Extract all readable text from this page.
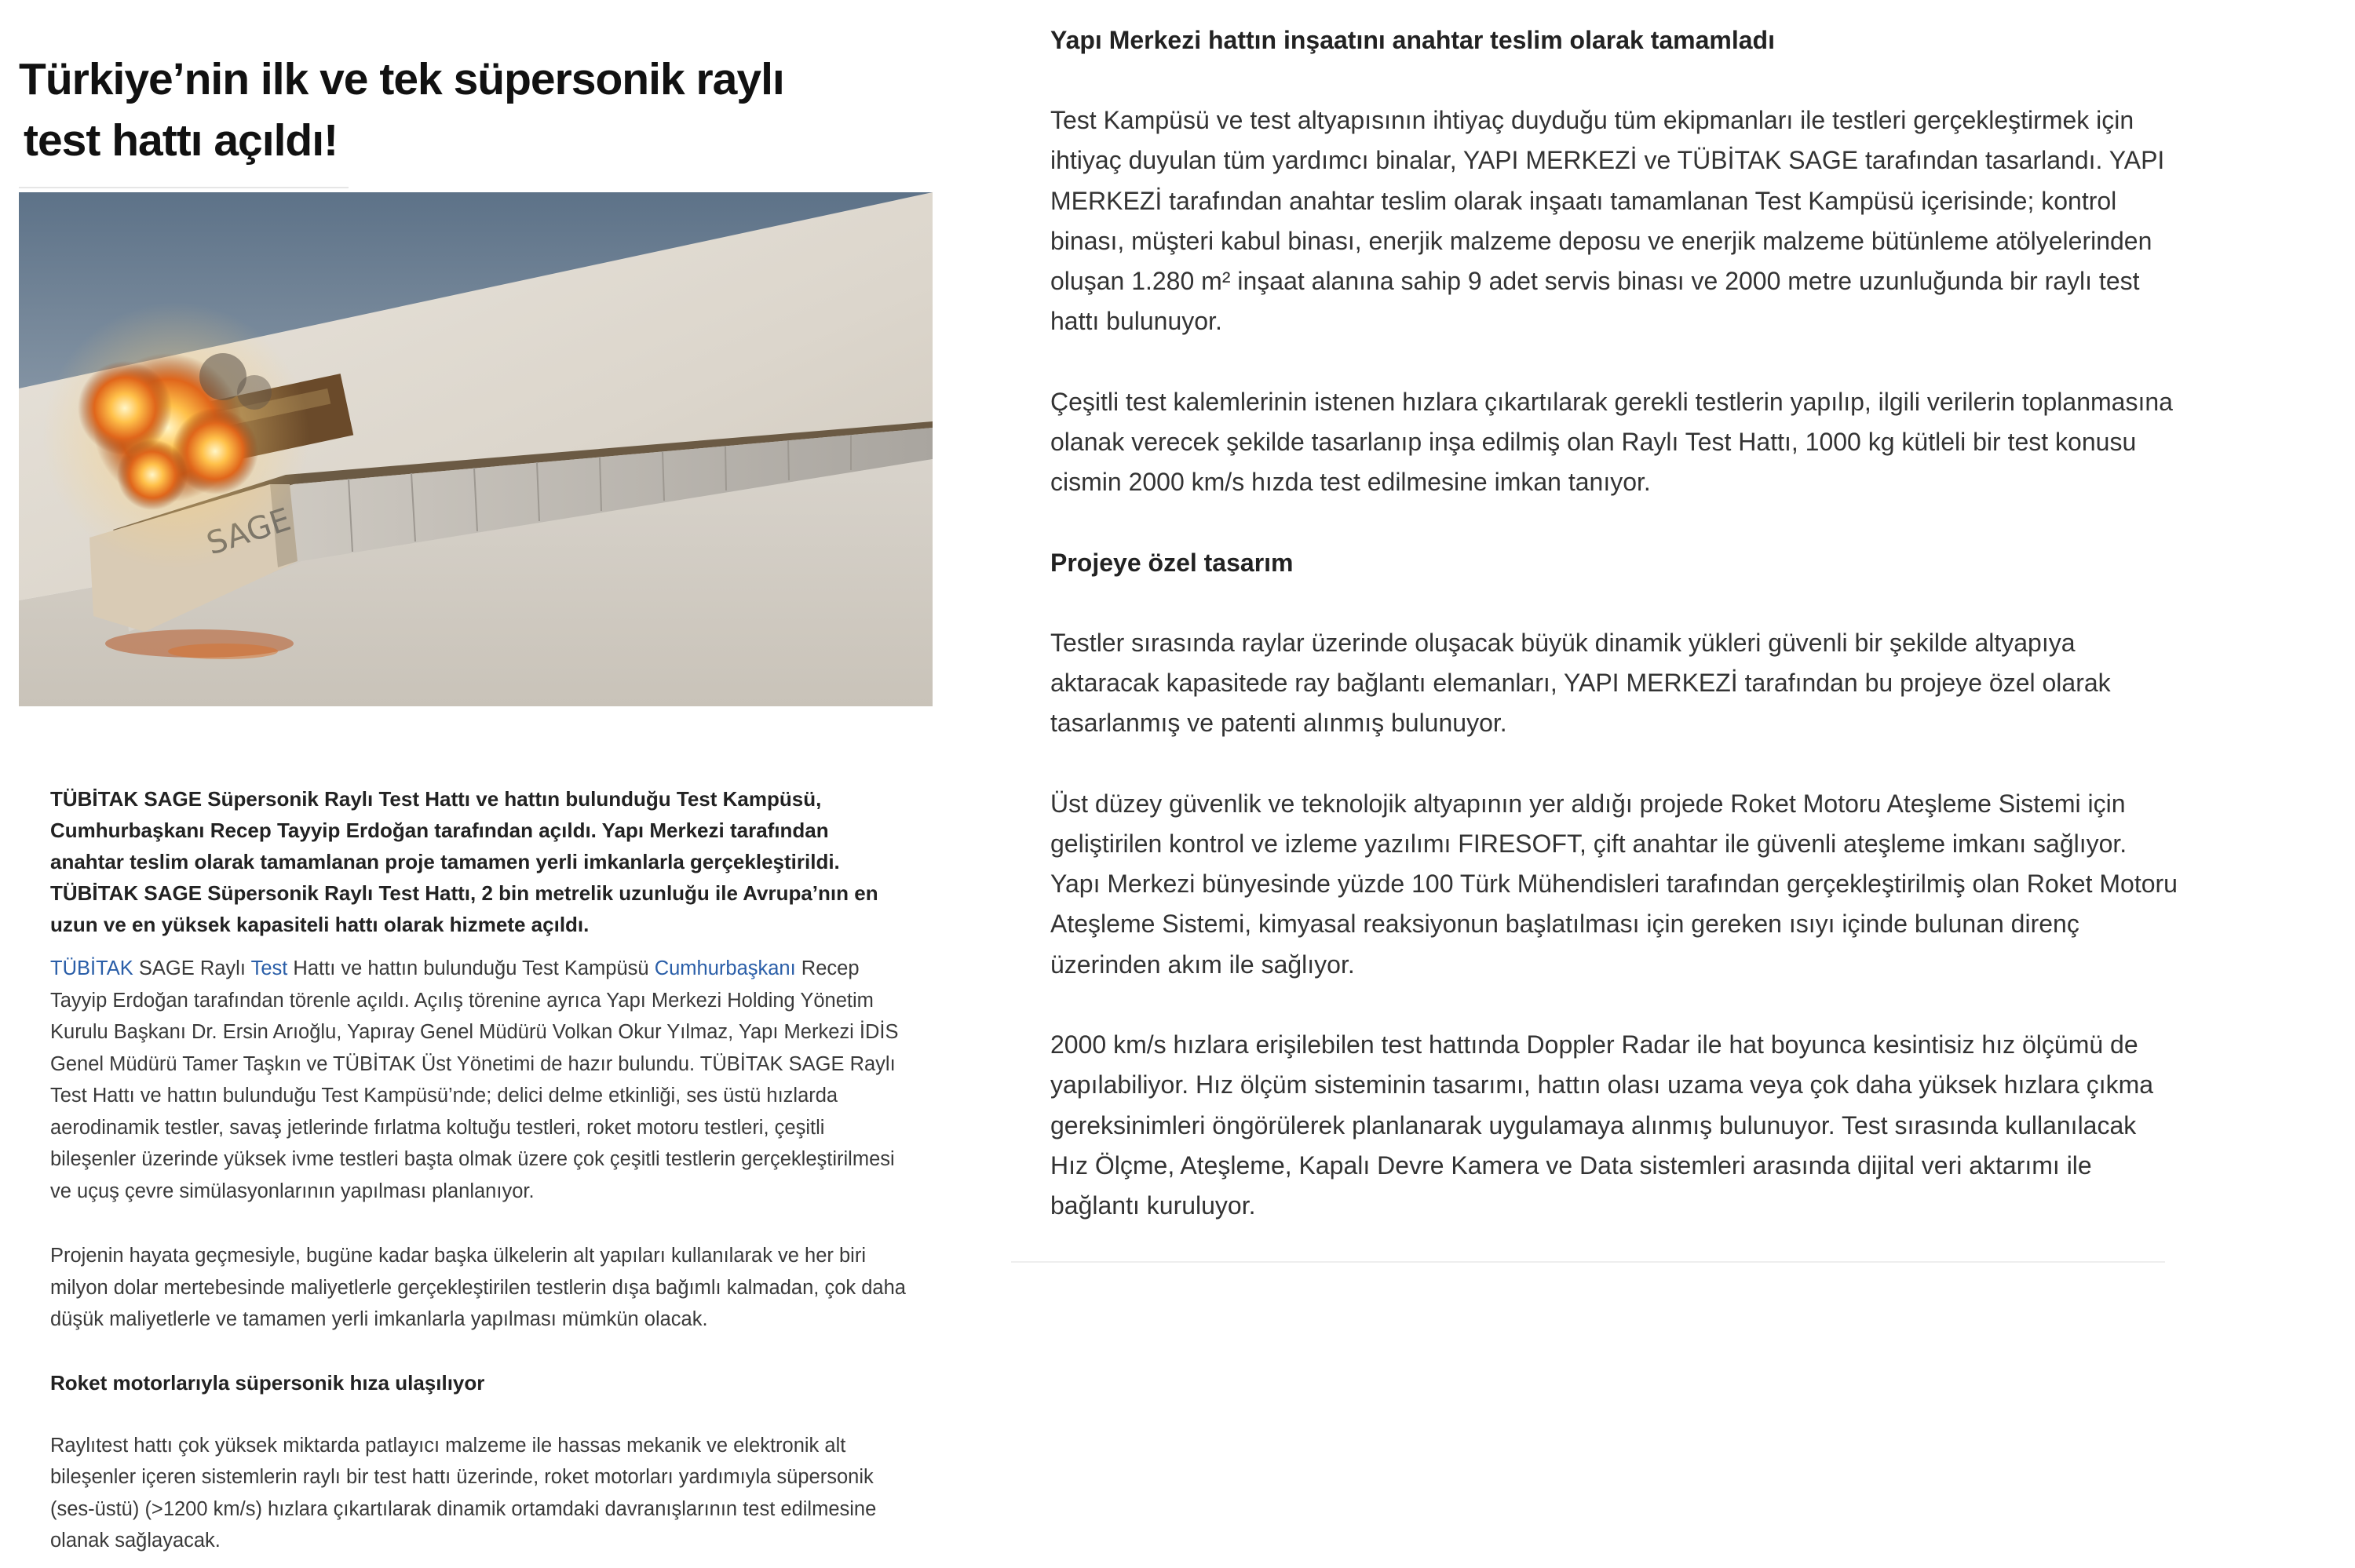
Türkiye’nin ilk ve tek süpersonik raylı
test hattı açıldı!

TÜBİTAK SAGE Süpersonik Raylı Test Hattı ve hattın bulunduğu Test Kampüsü, Cumhurbaşkanı Recep Tayyip Erdoğan tarafından açıldı. Yapı Merkezi tarafından anahtar teslim olarak tamamlanan proje tamamen yerli imkanlarla gerçekleştirildi. TÜBİTAK SAGE Süpersonik Raylı Test Hattı, 2 bin metrelik uzunluğu ile Avrupa’nın en uzun ve en yüksek kapasiteli hattı olarak hizmete açıldı.

TÜBİTAK SAGE Raylı Test Hattı ve hattın bulunduğu Test Kampüsü Cumhurbaşkanı Recep Tayyip Erdoğan tarafından törenle açıldı. Açılış törenine ayrıca Yapı Merkezi Holding Yönetim Kurulu Başkanı Dr. Ersin Arıoğlu, Yapıray Genel Müdürü Volkan Okur Yılmaz, Yapı Merkezi İDİS Genel Müdürü Tamer Taşkın ve TÜBİTAK Üst Yönetimi de hazır bulundu. TÜBİTAK SAGE Raylı Test Hattı ve hattın bulunduğu Test Kampüsü’nde; delici delme etkinliği, ses üstü hızlarda aerodinamik testler, savaş jetlerinde fırlatma koltuğu testleri, roket motoru testleri, çeşitli bileşenler üzerinde yüksek ivme testleri başta olmak üzere çok çeşitli testlerin gerçekleştirilmesi ve uçuş çevre simülasyonlarının yapılması planlanıyor.

Projenin hayata geçmesiyle, bugüne kadar başka ülkelerin alt yapıları kullanılarak ve her biri milyon dolar mertebesinde maliyetlerle gerçekleştirilen testlerin dışa bağımlı kalmadan, çok daha düşük maliyetlerle ve tamamen yerli imkanlarla yapılması mümkün olacak.

Roket motorlarıyla süpersonik hıza ulaşılıyor

Raylıtest hattı çok yüksek miktarda patlayıcı malzeme ile hassas mekanik ve elektronik alt bileşenler içeren sistemlerin raylı bir test hattı üzerinde, roket motorları yardımıyla süpersonik (ses-üstü) (>1200 km/s) hızlara çıkartılarak dinamik ortamdaki davranışlarının test edilmesine olanak sağlayacak.

Yapı Merkezi hattın inşaatını anahtar teslim olarak tamamladı

Test Kampüsü ve test altyapısının ihtiyaç duyduğu tüm ekipmanları ile testleri gerçekleştirmek için ihtiyaç duyulan tüm yardımcı binalar, YAPI MERKEZİ ve TÜBİTAK SAGE tarafından tasarlandı. YAPI MERKEZİ tarafından anahtar teslim olarak inşaatı tamamlanan Test Kampüsü içerisinde; kontrol binası, müşteri kabul binası, enerjik malzeme deposu ve enerjik malzeme bütünleme atölyelerinden oluşan 1.280 m² inşaat alanına sahip 9 adet servis binası ve 2000 metre uzunluğunda bir raylı test hattı bulunuyor.

Çeşitli test kalemlerinin istenen hızlara çıkartılarak gerekli testlerin yapılıp, ilgili verilerin toplanmasına olanak verecek şekilde tasarlanıp inşa edilmiş olan Raylı Test Hattı, 1000 kg kütleli bir test konusu cismin 2000 km/s hızda test edilmesine imkan tanıyor.

Projeye özel tasarım

Testler sırasında raylar üzerinde oluşacak büyük dinamik yükleri güvenli bir şekilde altyapıya aktaracak kapasitede ray bağlantı elemanları, YAPI MERKEZİ tarafından bu projeye özel olarak tasarlanmış ve patenti alınmış bulunuyor.

Üst düzey güvenlik ve teknolojik altyapının yer aldığı projede Roket Motoru Ateşleme Sistemi için geliştirilen kontrol ve izleme yazılımı FIRESOFT, çift anahtar ile güvenli ateşleme imkanı sağlıyor. Yapı Merkezi bünyesinde yüzde 100 Türk Mühendisleri tarafından gerçekleştirilmiş olan Roket Motoru Ateşleme Sistemi, kimyasal reaksiyonun başlatılması için gereken ısıyı içinde bulunan direnç üzerinden akım ile sağlıyor.

2000 km/s hızlara erişilebilen test hattında Doppler Radar ile hat boyunca kesintisiz hız ölçümü de yapılabiliyor. Hız ölçüm sisteminin tasarımı, hattın olası uzama veya çok daha yüksek hızlara çıkma gereksinimleri öngörülerek planlanarak uygulamaya alınmış bulunuyor. Test sırasında kullanılacak Hız Ölçme, Ateşleme, Kapalı Devre Kamera ve Data sistemleri arasında dijital veri aktarımı ile bağlantı kuruluyor.
